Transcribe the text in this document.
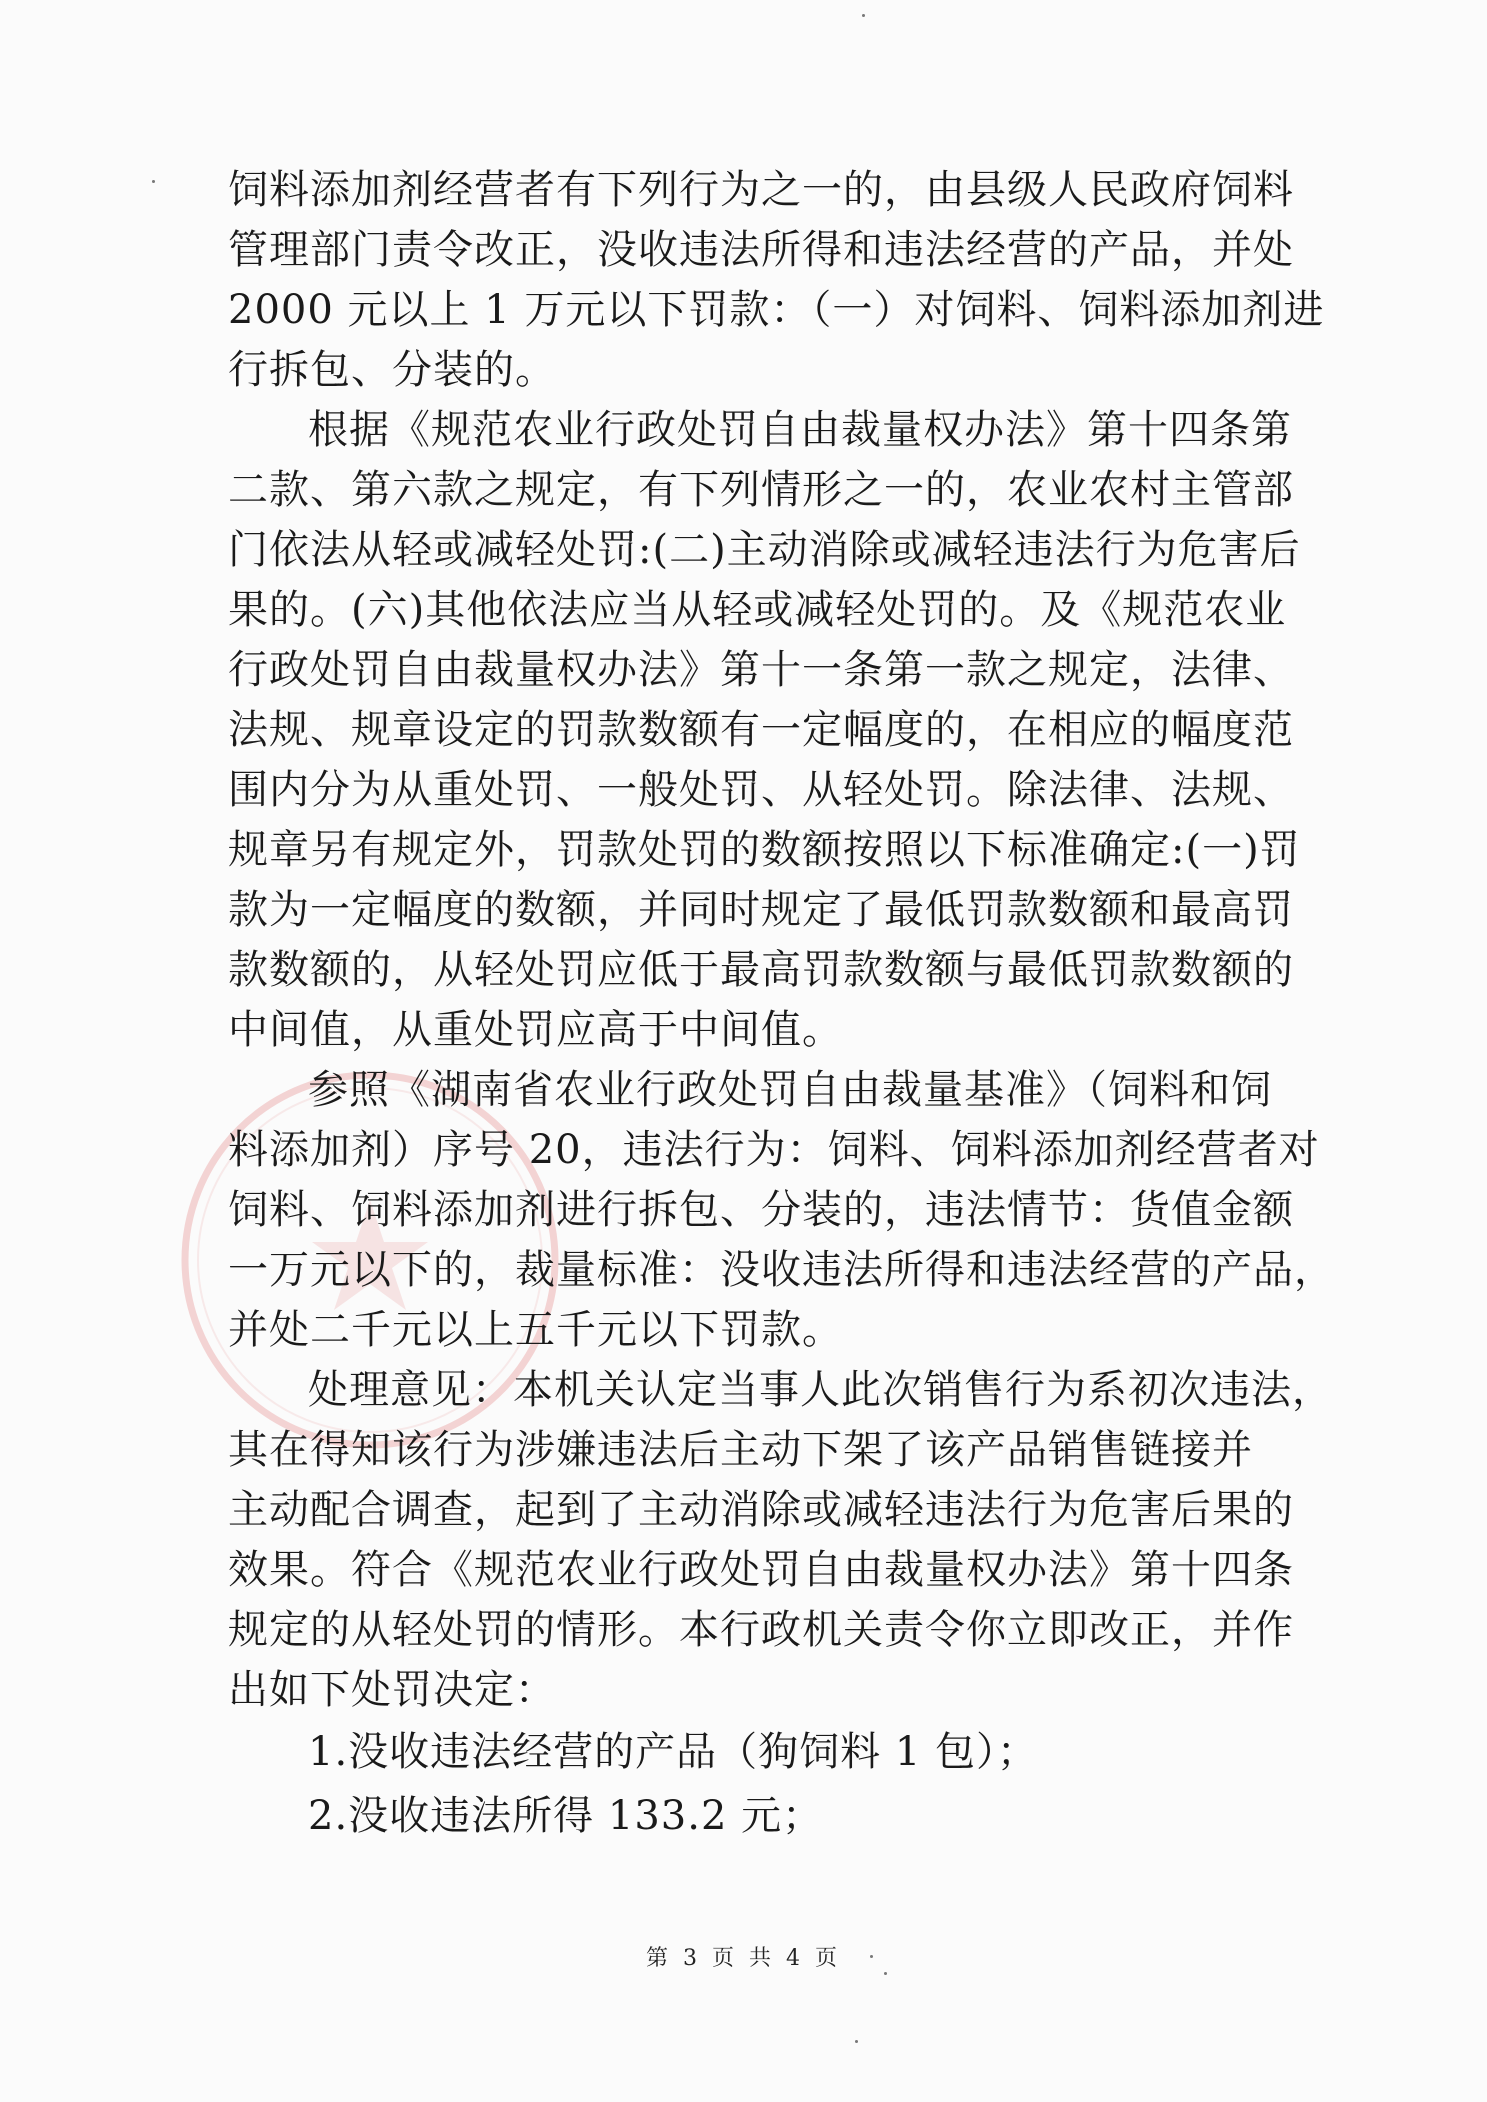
饲料添加剂经营者有下列行为之一的，由县级人民政府饲料
管理部门责令改正，没收违法所得和违法经营的产品，并处
2000 元以上 1 万元以下罚款：（一）对饲料、饲料添加剂进
行拆包、分装的。
根据《规范农业行政处罚自由裁量权办法》第十四条第
二款、第六款之规定，有下列情形之一的，农业农村主管部
门依法从轻或减轻处罚:(二)主动消除或减轻违法行为危害后
果的。(六)其他依法应当从轻或减轻处罚的。及《规范农业
行政处罚自由裁量权办法》第十一条第一款之规定，法律、
法规、规章设定的罚款数额有一定幅度的，在相应的幅度范
围内分为从重处罚、一般处罚、从轻处罚。除法律、法规、
规章另有规定外，罚款处罚的数额按照以下标准确定:(一)罚
款为一定幅度的数额，并同时规定了最低罚款数额和最高罚
款数额的，从轻处罚应低于最高罚款数额与最低罚款数额的
中间值，从重处罚应高于中间值。
参照《湖南省农业行政处罚自由裁量基准》（饲料和饲
料添加剂）序号 20，违法行为：饲料、饲料添加剂经营者对
饲料、饲料添加剂进行拆包、分装的，违法情节：货值金额
一万元以下的，裁量标准：没收违法所得和违法经营的产品，
并处二千元以上五千元以下罚款。
处理意见：本机关认定当事人此次销售行为系初次违法，
其在得知该行为涉嫌违法后主动下架了该产品销售链接并
主动配合调查，起到了主动消除或减轻违法行为危害后果的
效果。符合《规范农业行政处罚自由裁量权办法》第十四条
规定的从轻处罚的情形。本行政机关责令你立即改正，并作
出如下处罚决定：
1.没收违法经营的产品（狗饲料 1 包）；
2.没收违法所得 133.2 元；
第 3 页 共 4 页
